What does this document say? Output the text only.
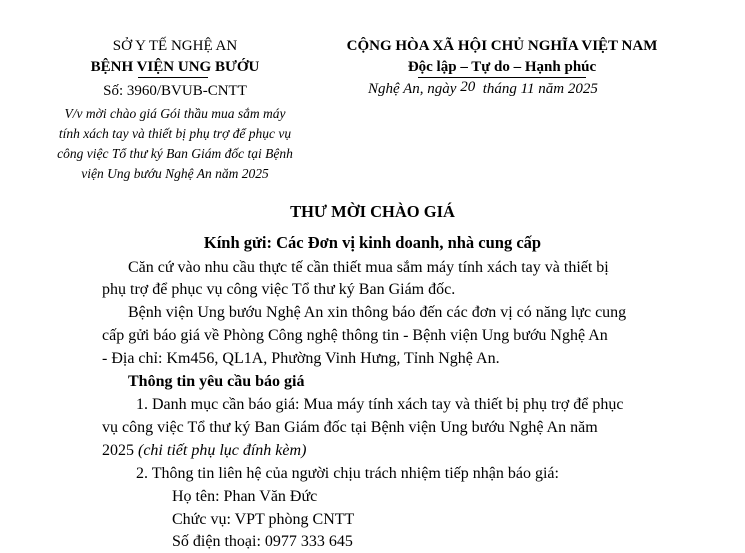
SỞ Y TẾ NGHỆ AN
BỆNH VIỆN UNG BƯỚU
Số: 3960/BVUB-CNTT
V/v mời chào giá Gói thầu mua sắm máy
tính xách tay và thiết bị phụ trợ để phục vụ
công việc Tổ thư ký Ban Giám đốc tại Bệnh
viện Ung bướu Nghệ An năm 2025
CỘNG HÒA XÃ HỘI CHỦ NGHĨA VIỆT NAM
Độc lập – Tự do – Hạnh phúc
Nghệ An, ngày 20 tháng 11 năm 2025
THƯ MỜI CHÀO GIÁ
Kính gửi: Các Đơn vị kinh doanh, nhà cung cấp
Căn cứ vào nhu cầu thực tế cần thiết mua sắm máy tính xách tay và thiết bị
phụ trợ để phục vụ công việc Tổ thư ký Ban Giám đốc.
Bệnh viện Ung bướu Nghệ An xin thông báo đến các đơn vị có năng lực cung
cấp gửi báo giá về Phòng Công nghệ thông tin - Bệnh viện Ung bướu Nghệ An
- Địa chỉ: Km456, QL1A, Phường Vinh Hưng, Tỉnh Nghệ An.
Thông tin yêu cầu báo giá
1. Danh mục cần báo giá: Mua máy tính xách tay và thiết bị phụ trợ để phục
vụ công việc Tổ thư ký Ban Giám đốc tại Bệnh viện Ung bướu Nghệ An năm
2025 (chi tiết phụ lục đính kèm)
2. Thông tin liên hệ của người chịu trách nhiệm tiếp nhận báo giá:
Họ tên: Phan Văn Đức
Chức vụ: VPT phòng CNTT
Số điện thoại: 0977 333 645
